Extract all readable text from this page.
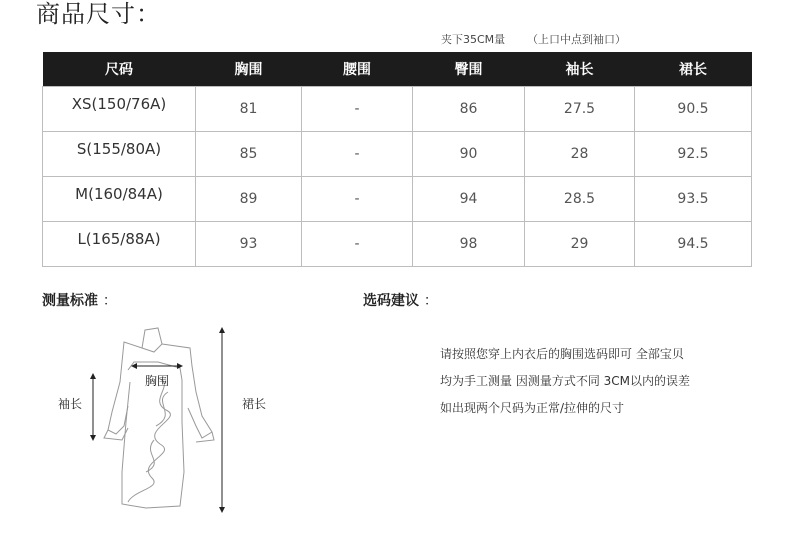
商品尺寸：
夹下35CM量 （上口中点到袖口）
尺码	胸围	腰围	臀围	袖长	裙长
XS(150/76A)	81	-	86	27.5	90.5
S(155/80A)	85	-	90	28	92.5
M(160/84A)	89	-	94	28.5	93.5
L(165/88A)	93	-	98	29	94.5
测量标准 ：	选码建议 ：
请按照您穿上内衣后的胸围选码即可 全部宝贝
均为手工测量 因测量方式不同 3CM以内的误差
如出现两个尺码为正常/拉伸的尺寸
袖长
胸围
裙长
